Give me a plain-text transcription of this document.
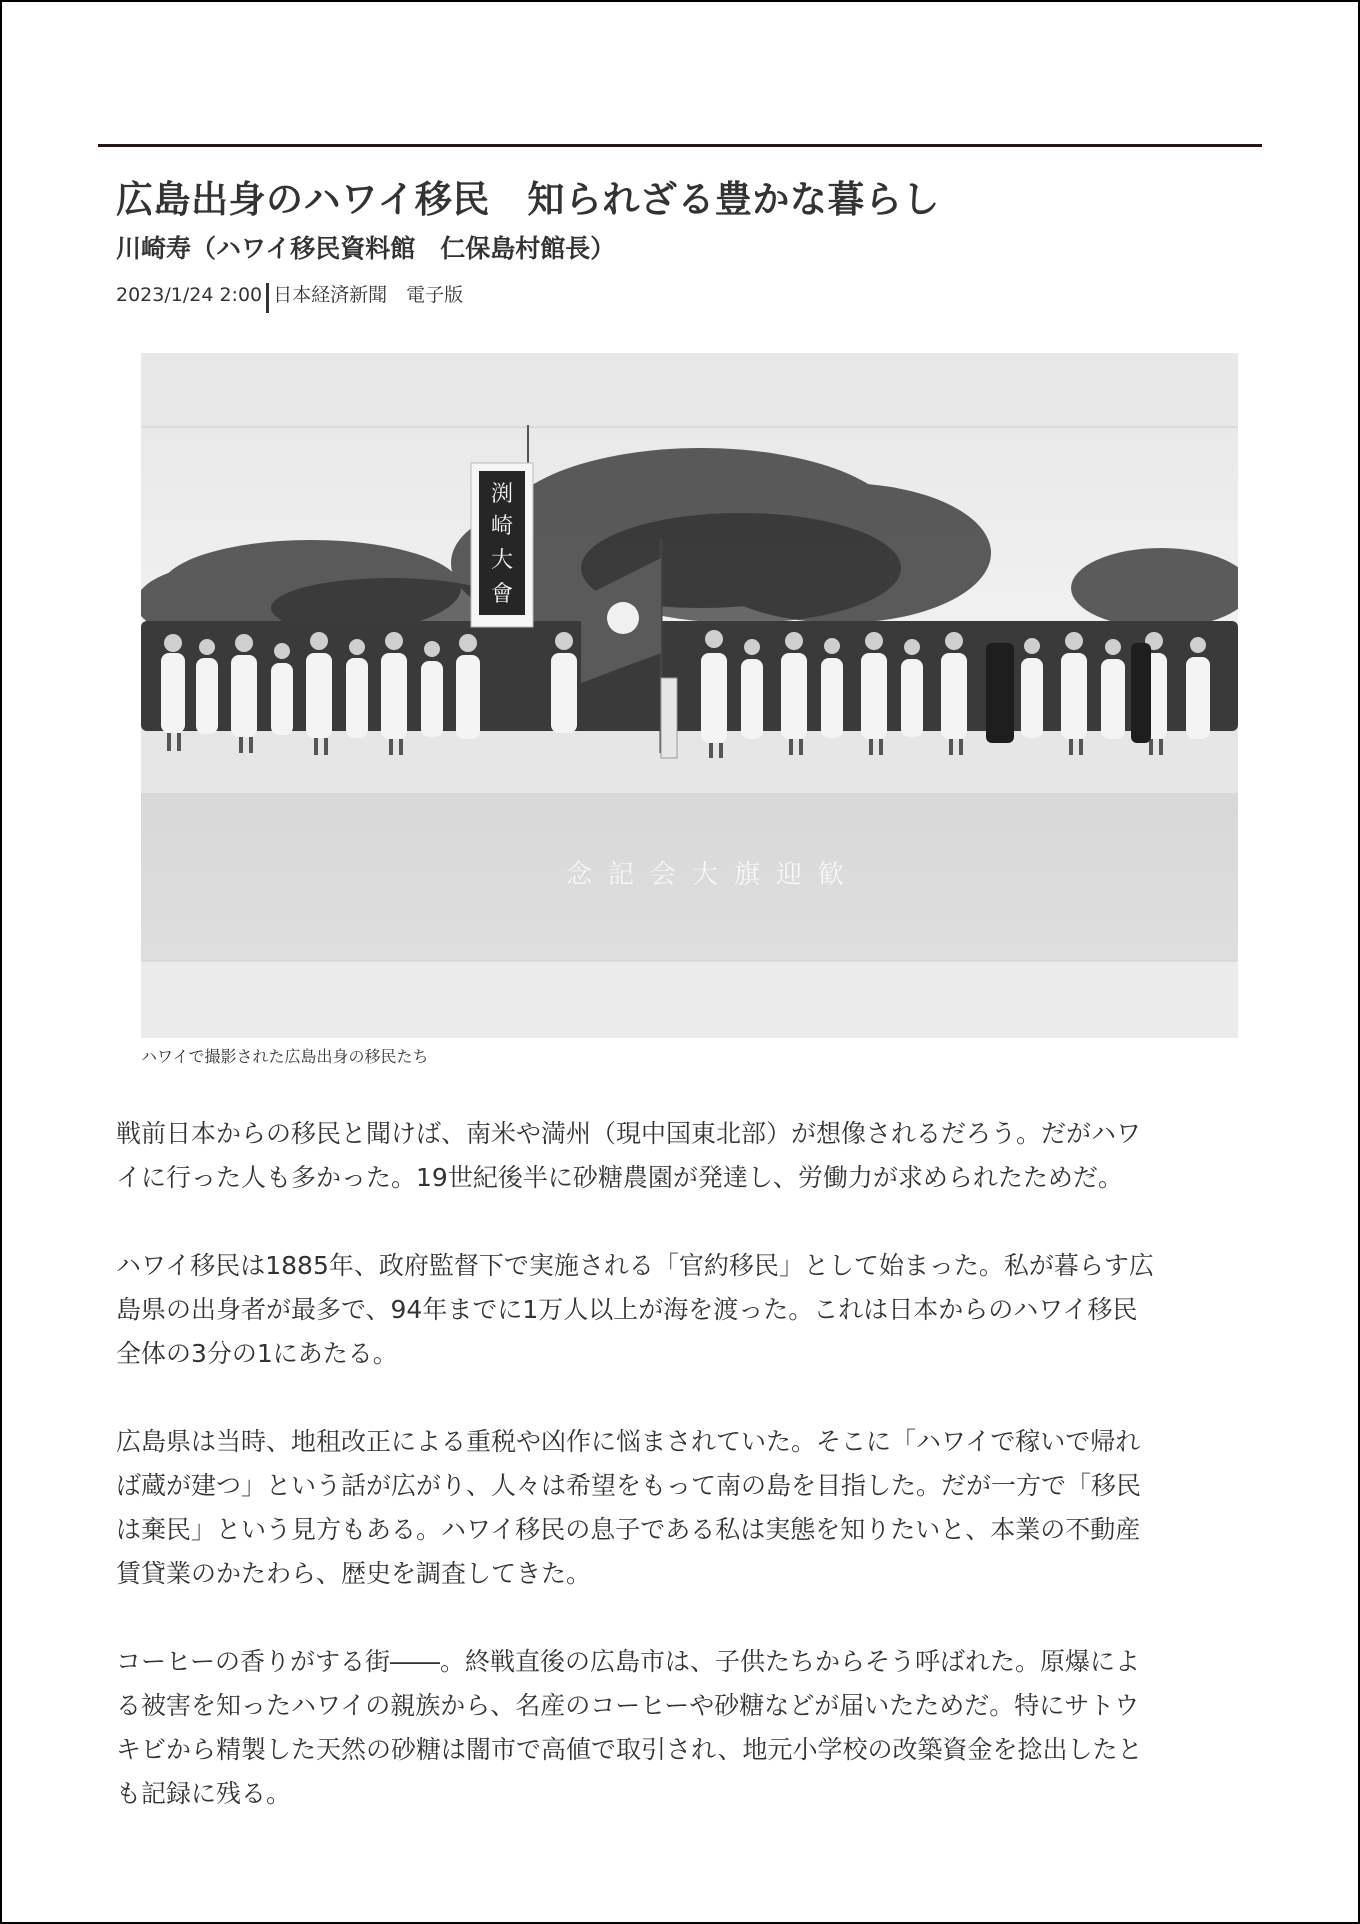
広島出身のハワイ移民　知られざる豊かな暮らし
川崎寿（ハワイ移民資料館　仁保島村館長）
2023/1/24 2:00 日本経済新聞　電子版
渕
崎
大
會
念記会大旗迎歓
ハワイで撮影された広島出身の移民たち

戦前日本からの移民と聞けば、南米や満州（現中国東北部）が想像されるだろう。だがハワ
イに行った人も多かった。19世紀後半に砂糖農園が発達し、労働力が求められたためだ。

ハワイ移民は1885年、政府監督下で実施される「官約移民」として始まった。私が暮らす広
島県の出身者が最多で、94年までに1万人以上が海を渡った。これは日本からのハワイ移民
全体の3分の1にあたる。

広島県は当時、地租改正による重税や凶作に悩まされていた。そこに「ハワイで稼いで帰れ
ば蔵が建つ」という話が広がり、人々は希望をもって南の島を目指した。だが一方で「移民
は棄民」という見方もある。ハワイ移民の息子である私は実態を知りたいと、本業の不動産
賃貸業のかたわら、歴史を調査してきた。

コーヒーの香りがする街――。終戦直後の広島市は、子供たちからそう呼ばれた。原爆によ
る被害を知ったハワイの親族から、名産のコーヒーや砂糖などが届いたためだ。特にサトウ
キビから精製した天然の砂糖は闇市で高値で取引され、地元小学校の改築資金を捻出したと
も記録に残る。
